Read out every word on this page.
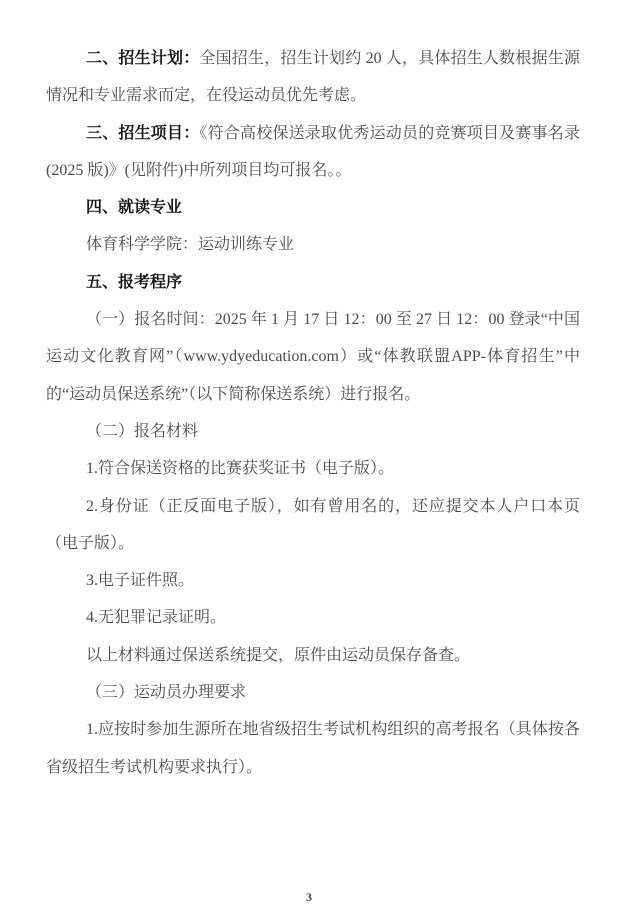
二、招生计划：全国招生，招生计划约 20 人，具体招生人数根据生源情况和专业需求而定，在役运动员优先考虑。

三、招生项目：《符合高校保送录取优秀运动员的竞赛项目及赛事名录(2025 版)》(见附件)中所列项目均可报名。。

四、就读专业

体育科学学院：运动训练专业

五、报考程序

（一）报名时间：2025 年 1 月 17 日 12：00 至 27 日 12：00 登录“中国运动文化教育网”（www.ydyeducation.com）或“体教联盟APP-体育招生”中的“运动员保送系统”（以下简称保送系统）进行报名。

（二）报名材料

1.符合保送资格的比赛获奖证书（电子版）。

2.身份证（正反面电子版），如有曾用名的，还应提交本人户口本页（电子版）。

3.电子证件照。

4.无犯罪记录证明。

以上材料通过保送系统提交，原件由运动员保存备查。

（三）运动员办理要求

1.应按时参加生源所在地省级招生考试机构组织的高考报名（具体按各省级招生考试机构要求执行）。

3
